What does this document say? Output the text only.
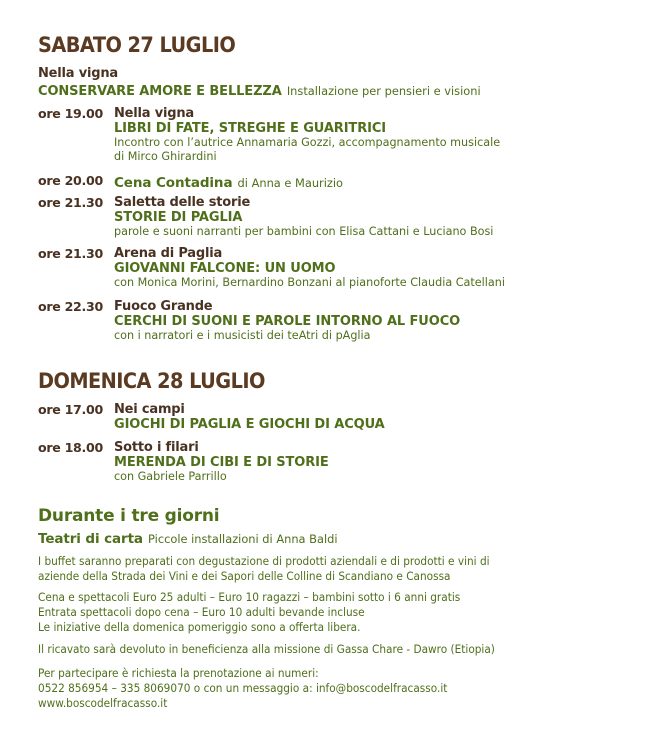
SABATO 27 LUGLIO
Nella vigna
CONSERVARE AMORE E BELLEZZA Installazione per pensieri e visioni
ore 19.00 Nella vigna
LIBRI DI FATE, STREGHE E GUARITRICI
Incontro con l’autrice Annamaria Gozzi, accompagnamento musicale
di Mirco Ghirardini
ore 20.00 Cena Contadina di Anna e Maurizio
ore 21.30 Saletta delle storie
STORIE DI PAGLIA
parole e suoni narranti per bambini con Elisa Cattani e Luciano Bosi
ore 21.30 Arena di Paglia
GIOVANNI FALCONE: UN UOMO
con Monica Morini, Bernardino Bonzani al pianoforte Claudia Catellani
ore 22.30 Fuoco Grande
CERCHI DI SUONI E PAROLE INTORNO AL FUOCO
con i narratori e i musicisti dei teAtri di pAglia
DOMENICA 28 LUGLIO
ore 17.00 Nei campi
GIOCHI DI PAGLIA E GIOCHI DI ACQUA
ore 18.00 Sotto i filari
MERENDA DI CIBI E DI STORIE
con Gabriele Parrillo
Durante i tre giorni
Teatri di carta Piccole installazioni di Anna Baldi
I buffet saranno preparati con degustazione di prodotti aziendali e di prodotti e vini di
aziende della Strada dei Vini e dei Sapori delle Colline di Scandiano e Canossa
Cena e spettacoli Euro 25 adulti – Euro 10 ragazzi – bambini sotto i 6 anni gratis
Entrata spettacoli dopo cena – Euro 10 adulti bevande incluse
Le iniziative della domenica pomeriggio sono a offerta libera.
Il ricavato sarà devoluto in beneficienza alla missione di Gassa Chare - Dawro (Etiopia)
Per partecipare è richiesta la prenotazione ai numeri:
0522 856954 – 335 8069070 o con un messaggio a: info@boscodelfracasso.it
www.boscodelfracasso.it
